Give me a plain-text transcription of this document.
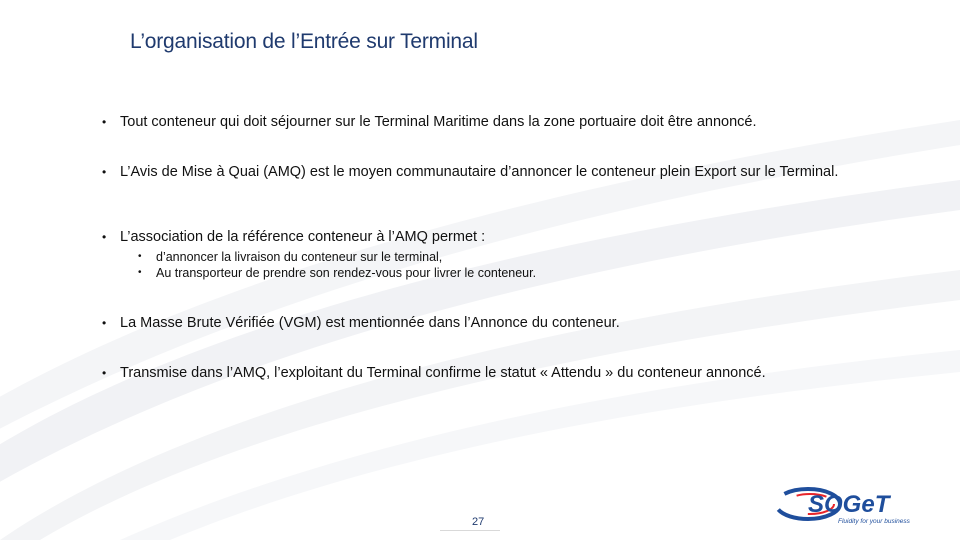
L’organisation de l’Entrée sur Terminal
• Tout conteneur qui doit séjourner sur le Terminal Maritime dans la zone portuaire doit être annoncé.
• L’Avis de Mise à Quai (AMQ) est le moyen communautaire d’annoncer le conteneur plein Export sur le Terminal.
• L’association de la référence conteneur à l’AMQ permet :
•	d’annoncer la livraison du conteneur sur le terminal,
•	Au transporteur de prendre son rendez-vous pour livrer le conteneur.
• La Masse Brute Vérifiée (VGM) est mentionnée dans l’Annonce du conteneur.
• Transmise dans l’AMQ, l’exploitant du Terminal confirme le statut « Attendu » du conteneur annoncé.
27
SOGeT
Fluidity for your business
